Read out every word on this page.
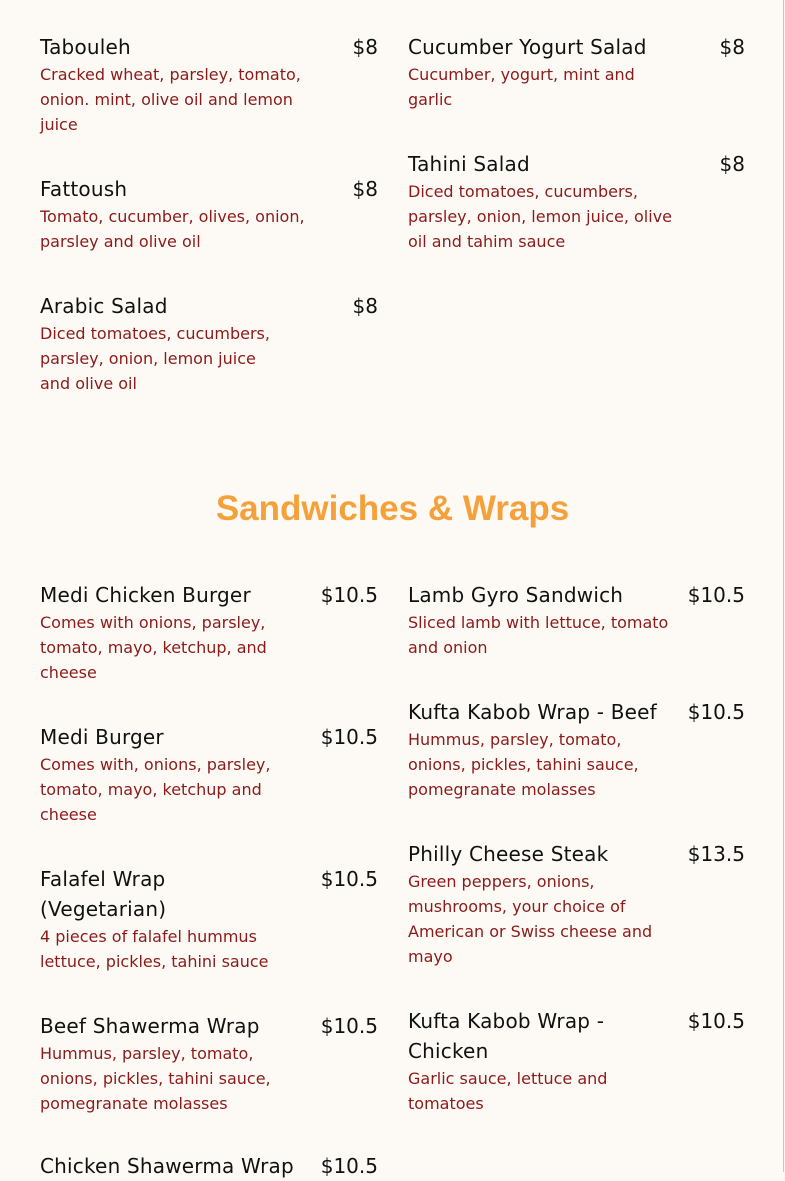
Tabouleh	$8
Cracked wheat, parsley, tomato, onion. mint, olive oil and lemon juice
Fattoush	$8
Tomato, cucumber, olives, onion, parsley and olive oil
Arabic Salad	$8
Diced tomatoes, cucumbers, parsley, onion, lemon juice and olive oil
Cucumber Yogurt Salad	$8
Cucumber, yogurt, mint and garlic
Tahini Salad	$8
Diced tomatoes, cucumbers, parsley, onion, lemon juice, olive oil and tahim sauce
Sandwiches & Wraps
Medi Chicken Burger	$10.5
Comes with onions, parsley, tomato, mayo, ketchup, and cheese
Medi Burger	$10.5
Comes with, onions, parsley, tomato, mayo, ketchup and cheese
Falafel Wrap (Vegetarian)
$10.5
4 pieces of falafel hummus lettuce, pickles, tahini sauce
Beef Shawerma Wrap	$10.5
Hummus, parsley, tomato, onions, pickles, tahini sauce, pomegranate molasses
Chicken Shawerma Wrap	$10.5
Lamb Gyro Sandwich	$10.5
Sliced lamb with lettuce, tomato and onion
Kufta Kabob Wrap - Beef	$10.5
Hummus, parsley, tomato, onions, pickles, tahini sauce, pomegranate molasses
Philly Cheese Steak	$13.5
Green peppers, onions, mushrooms, your choice of American or Swiss cheese and mayo
Kufta Kabob Wrap - Chicken
$10.5
Garlic sauce, lettuce and tomatoes
